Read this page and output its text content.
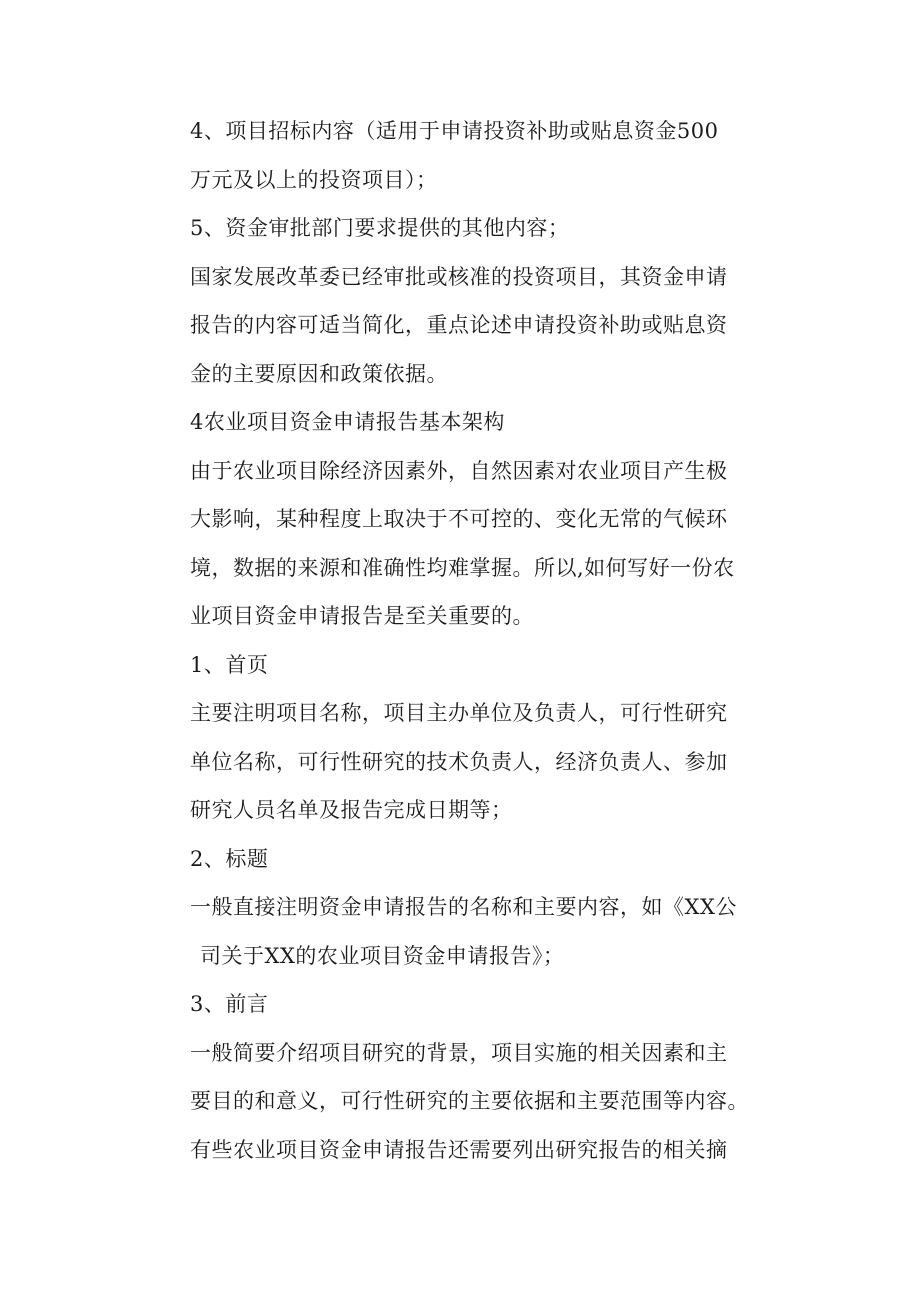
4、项目招标内容（适用于申请投资补助或贴息资金500
万元及以上的投资项目）；
5、资金审批部门要求提供的其他内容；
国家发展改革委已经审批或核准的投资项目，其资金申请
报告的内容可适当简化，重点论述申请投资补助或贴息资
金的主要原因和政策依据。
4农业项目资金申请报告基本架构
由于农业项目除经济因素外，自然因素对农业项目产生极
大影响，某种程度上取决于不可控的、变化无常的气候环
境，数据的来源和准确性均难掌握。所以,如何写好一份农
业项目资金申请报告是至关重要的。
1、首页
主要注明项目名称，项目主办单位及负责人，可行性研究
单位名称，可行性研究的技术负责人，经济负责人、参加
研究人员名单及报告完成日期等；
2、标题
一般直接注明资金申请报告的名称和主要内容，如《XX公
司关于XX的农业项目资金申请报告》；
3、前言
一般简要介绍项目研究的背景，项目实施的相关因素和主
要目的和意义，可行性研究的主要依据和主要范围等内容。
有些农业项目资金申请报告还需要列出研究报告的相关摘
